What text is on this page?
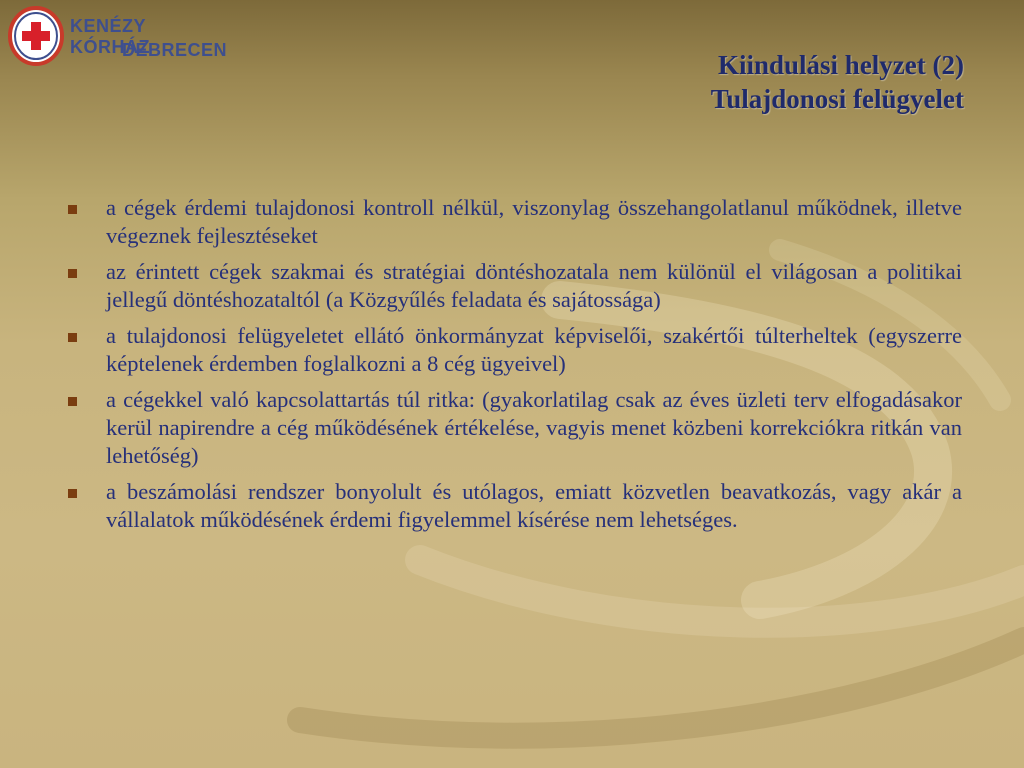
KENÉZY KÓRHÁZ
DEBRECEN	Kiindulási helyzet (2)
Tulajdonosi felügyelet
a cégek érdemi tulajdonosi kontroll nélkül, viszonylag összehangolatlanul működnek, illetve végeznek fejlesztéseket
az érintett cégek szakmai és stratégiai döntéshozatala nem különül el világosan a politikai jellegű döntéshozataltól (a Közgyűlés feladata és sajátossága)
a tulajdonosi felügyeletet ellátó önkormányzat képviselői, szakértői túlterheltek (egyszerre képtelenek érdemben foglalkozni a 8 cég ügyeivel)
a cégekkel való kapcsolattartás túl ritka: (gyakorlatilag csak az éves üzleti terv elfogadásakor kerül napirendre a cég működésének értékelése, vagyis menet közbeni korrekciókra ritkán van lehetőség)
a beszámolási rendszer bonyolult és utólagos, emiatt közvetlen beavatkozás, vagy akár a vállalatok működésének érdemi figyelemmel kísérése nem lehetséges.
